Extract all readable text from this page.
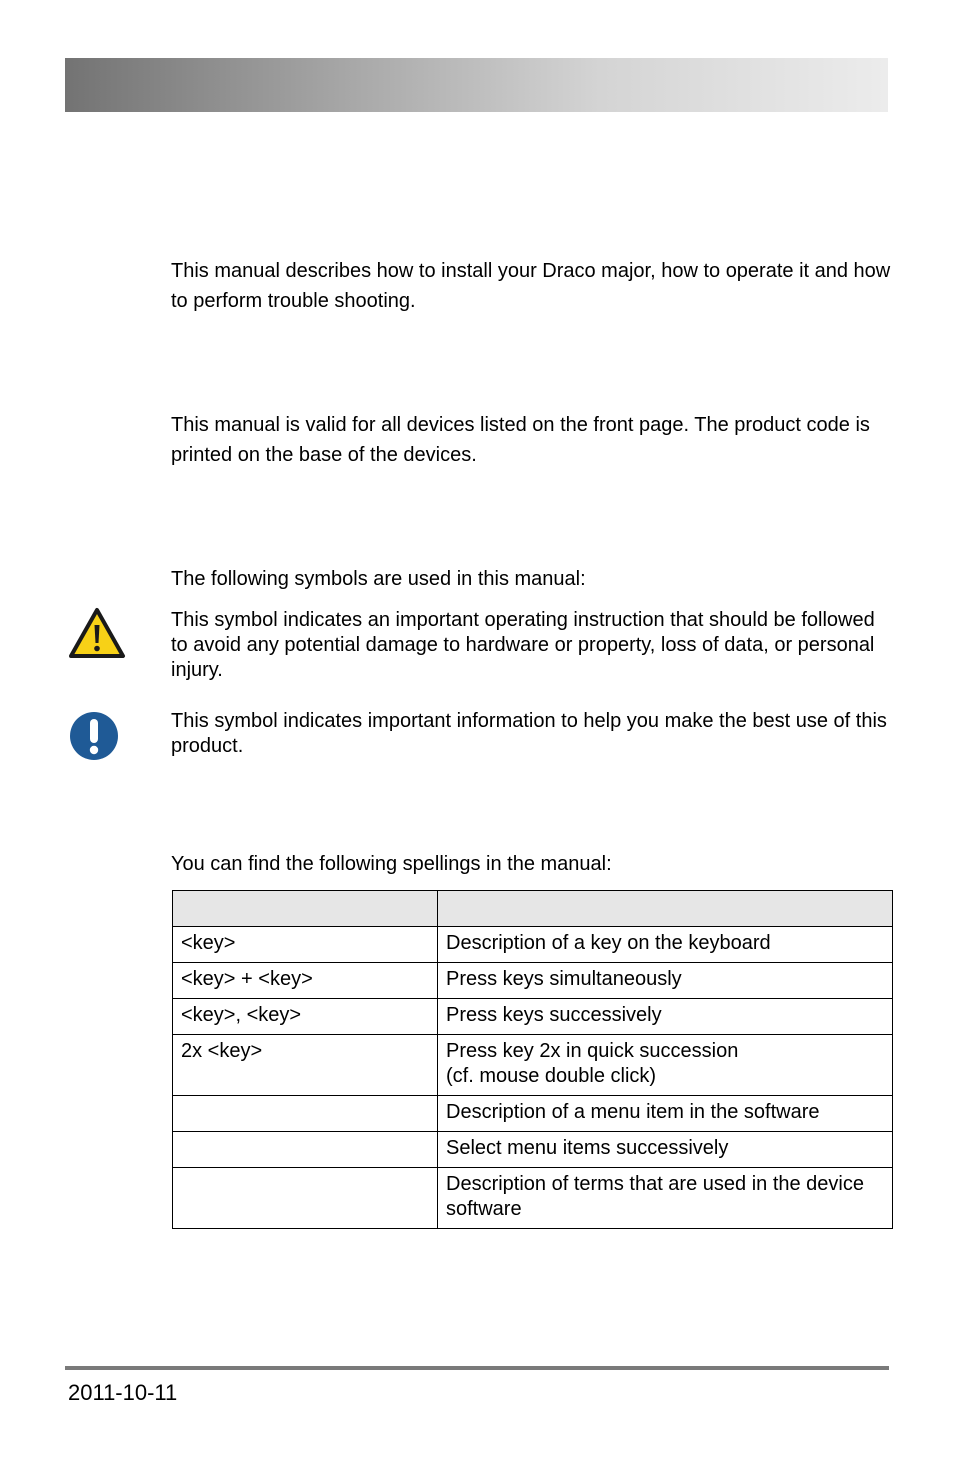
This manual describes how to install your Draco major, how to operate it and how to perform trouble shooting.

This manual is valid for all devices listed on the front page. The product code is printed on the base of the devices.

The following symbols are used in this manual:

This symbol indicates an important operating instruction that should be followed to avoid any potential damage to hardware or property, loss of data, or personal injury.

This symbol indicates important information to help you make the best use of this product.

You can find the following spellings in the manual:

<key>	Description of a key on the keyboard
<key> + <key>	Press keys simultaneously
<key>, <key>	Press keys successively
2x <key>	Press key 2x in quick succession
(cf. mouse double click)
	Description of a menu item in the software
	Select menu items successively
	Description of terms that are used in the device software
2011-10-11
